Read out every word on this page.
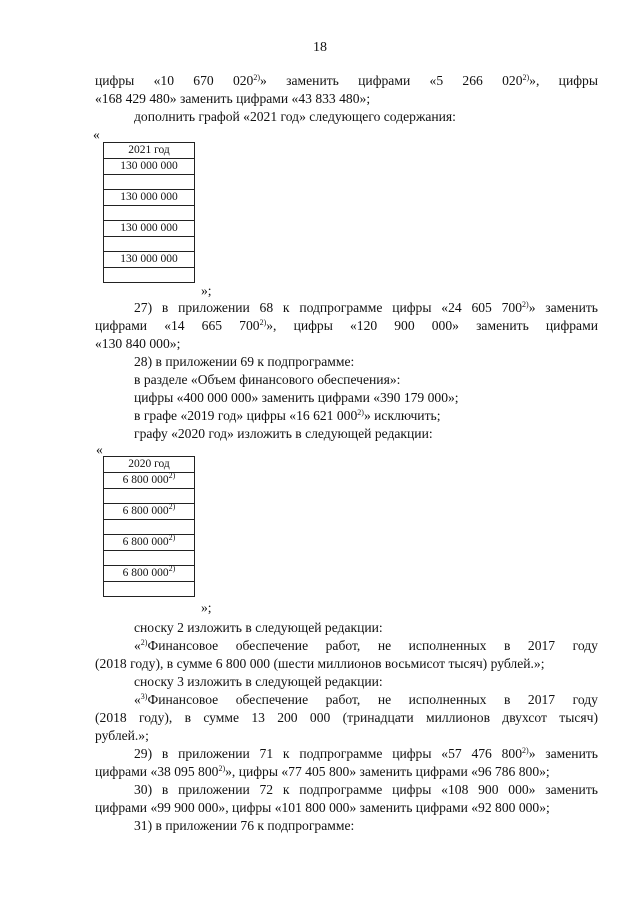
18
цифры «10 670 020$^{2)}$» заменить цифрами «5 266 020$^{2)}$», цифры
«168 429 480» заменить цифрами «43 833 480»;
дополнить графой «2021 год» следующего содержания:
«
2021 год
130 000 000
130 000 000
130 000 000
130 000 000
»;
27) в приложении 68 к подпрограмме цифры «24 605 700$^{2)}$» заменить
цифрами «14 665 700$^{2)}$», цифры «120 900 000» заменить цифрами
«130 840 000»;
28) в приложении 69 к подпрограмме:
в разделе «Объем финансового обеспечения»:
цифры «400 000 000» заменить цифрами «390 179 000»;
в графе «2019 год» цифры «16 621 000$^{2)}$» исключить;
графу «2020 год» изложить в следующей редакции:
«
2020 год
6 800 000$^{2)}$
6 800 000$^{2)}$
6 800 000$^{2)}$
6 800 000$^{2)}$
»;
сноску 2 изложить в следующей редакции:
«$^{2)}$Финансовое обеспечение работ, не исполненных в 2017 году
(2018 году), в сумме 6 800 000 (шести миллионов восьмисот тысяч) рублей.»;
сноску 3 изложить в следующей редакции:
«$^{3)}$Финансовое обеспечение работ, не исполненных в 2017 году
(2018 году), в сумме 13 200 000 (тринадцати миллионов двухсот тысяч)
рублей.»;
29) в приложении 71 к подпрограмме цифры «57 476 800$^{2)}$» заменить
цифрами «38 095 800$^{2)}$», цифры «77 405 800» заменить цифрами «96 786 800»;
30) в приложении 72 к подпрограмме цифры «108 900 000» заменить
цифрами «99 900 000», цифры «101 800 000» заменить цифрами «92 800 000»;
31) в приложении 76 к подпрограмме:
